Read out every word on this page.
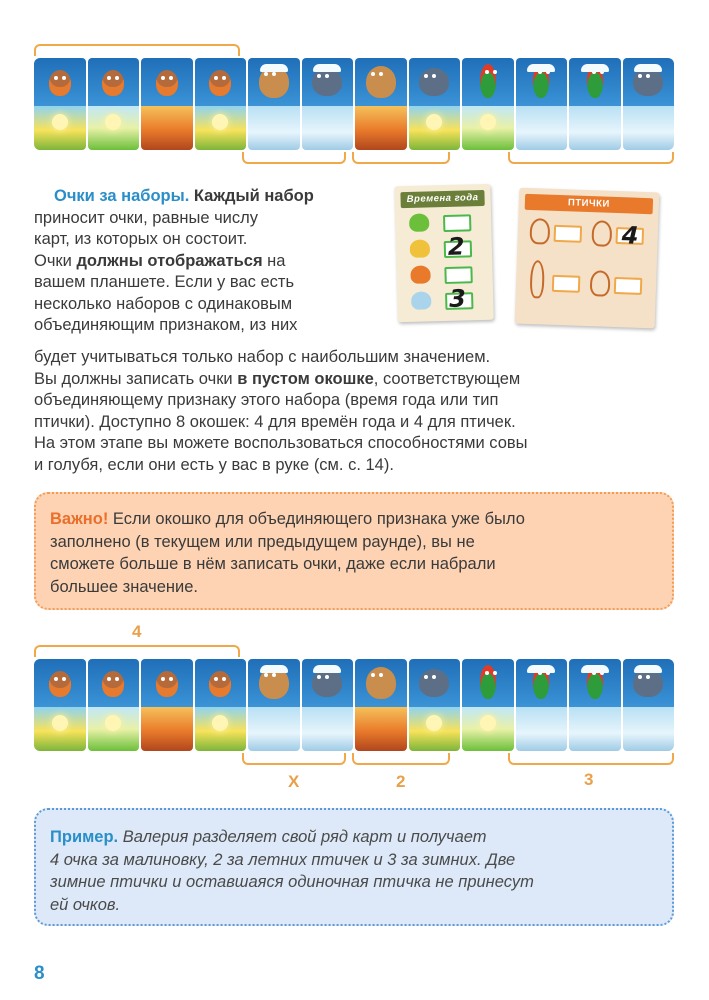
Очки за наборы. Каждый набор
приносит очки, равные числу
карт, из которых он состоит.
Очки должны отображаться на
вашем планшете. Если у вас есть
несколько наборов с одинаковым
объединяющим признаком, из них
будет учитываться только набор с наибольшим значением.
Вы должны записать очки в пустом окошке, соответствующем
объединяющему признаку этого набора (время года или тип
птички). Доступно 8 окошек: 4 для времён года и 4 для птичек.
На этом этапе вы можете воспользоваться способностями совы
и голубя, если они есть у вас в руке (см. с. 14).
Времена года
2
3
ПТИЧКИ
4
Важно! Если окошко для объединяющего признака уже было
заполнено (в текущем или предыдущем раунде), вы не
сможете больше в нём записать очки, даже если набрали
большее значение.
4
X	2	3
Пример. Валерия разделяет свой ряд карт и получает
4 очка за малиновку, 2 за летних птичек и 3 за зимних. Две
зимние птички и оставшаяся одиночная птичка не принесут
ей очков.
8
